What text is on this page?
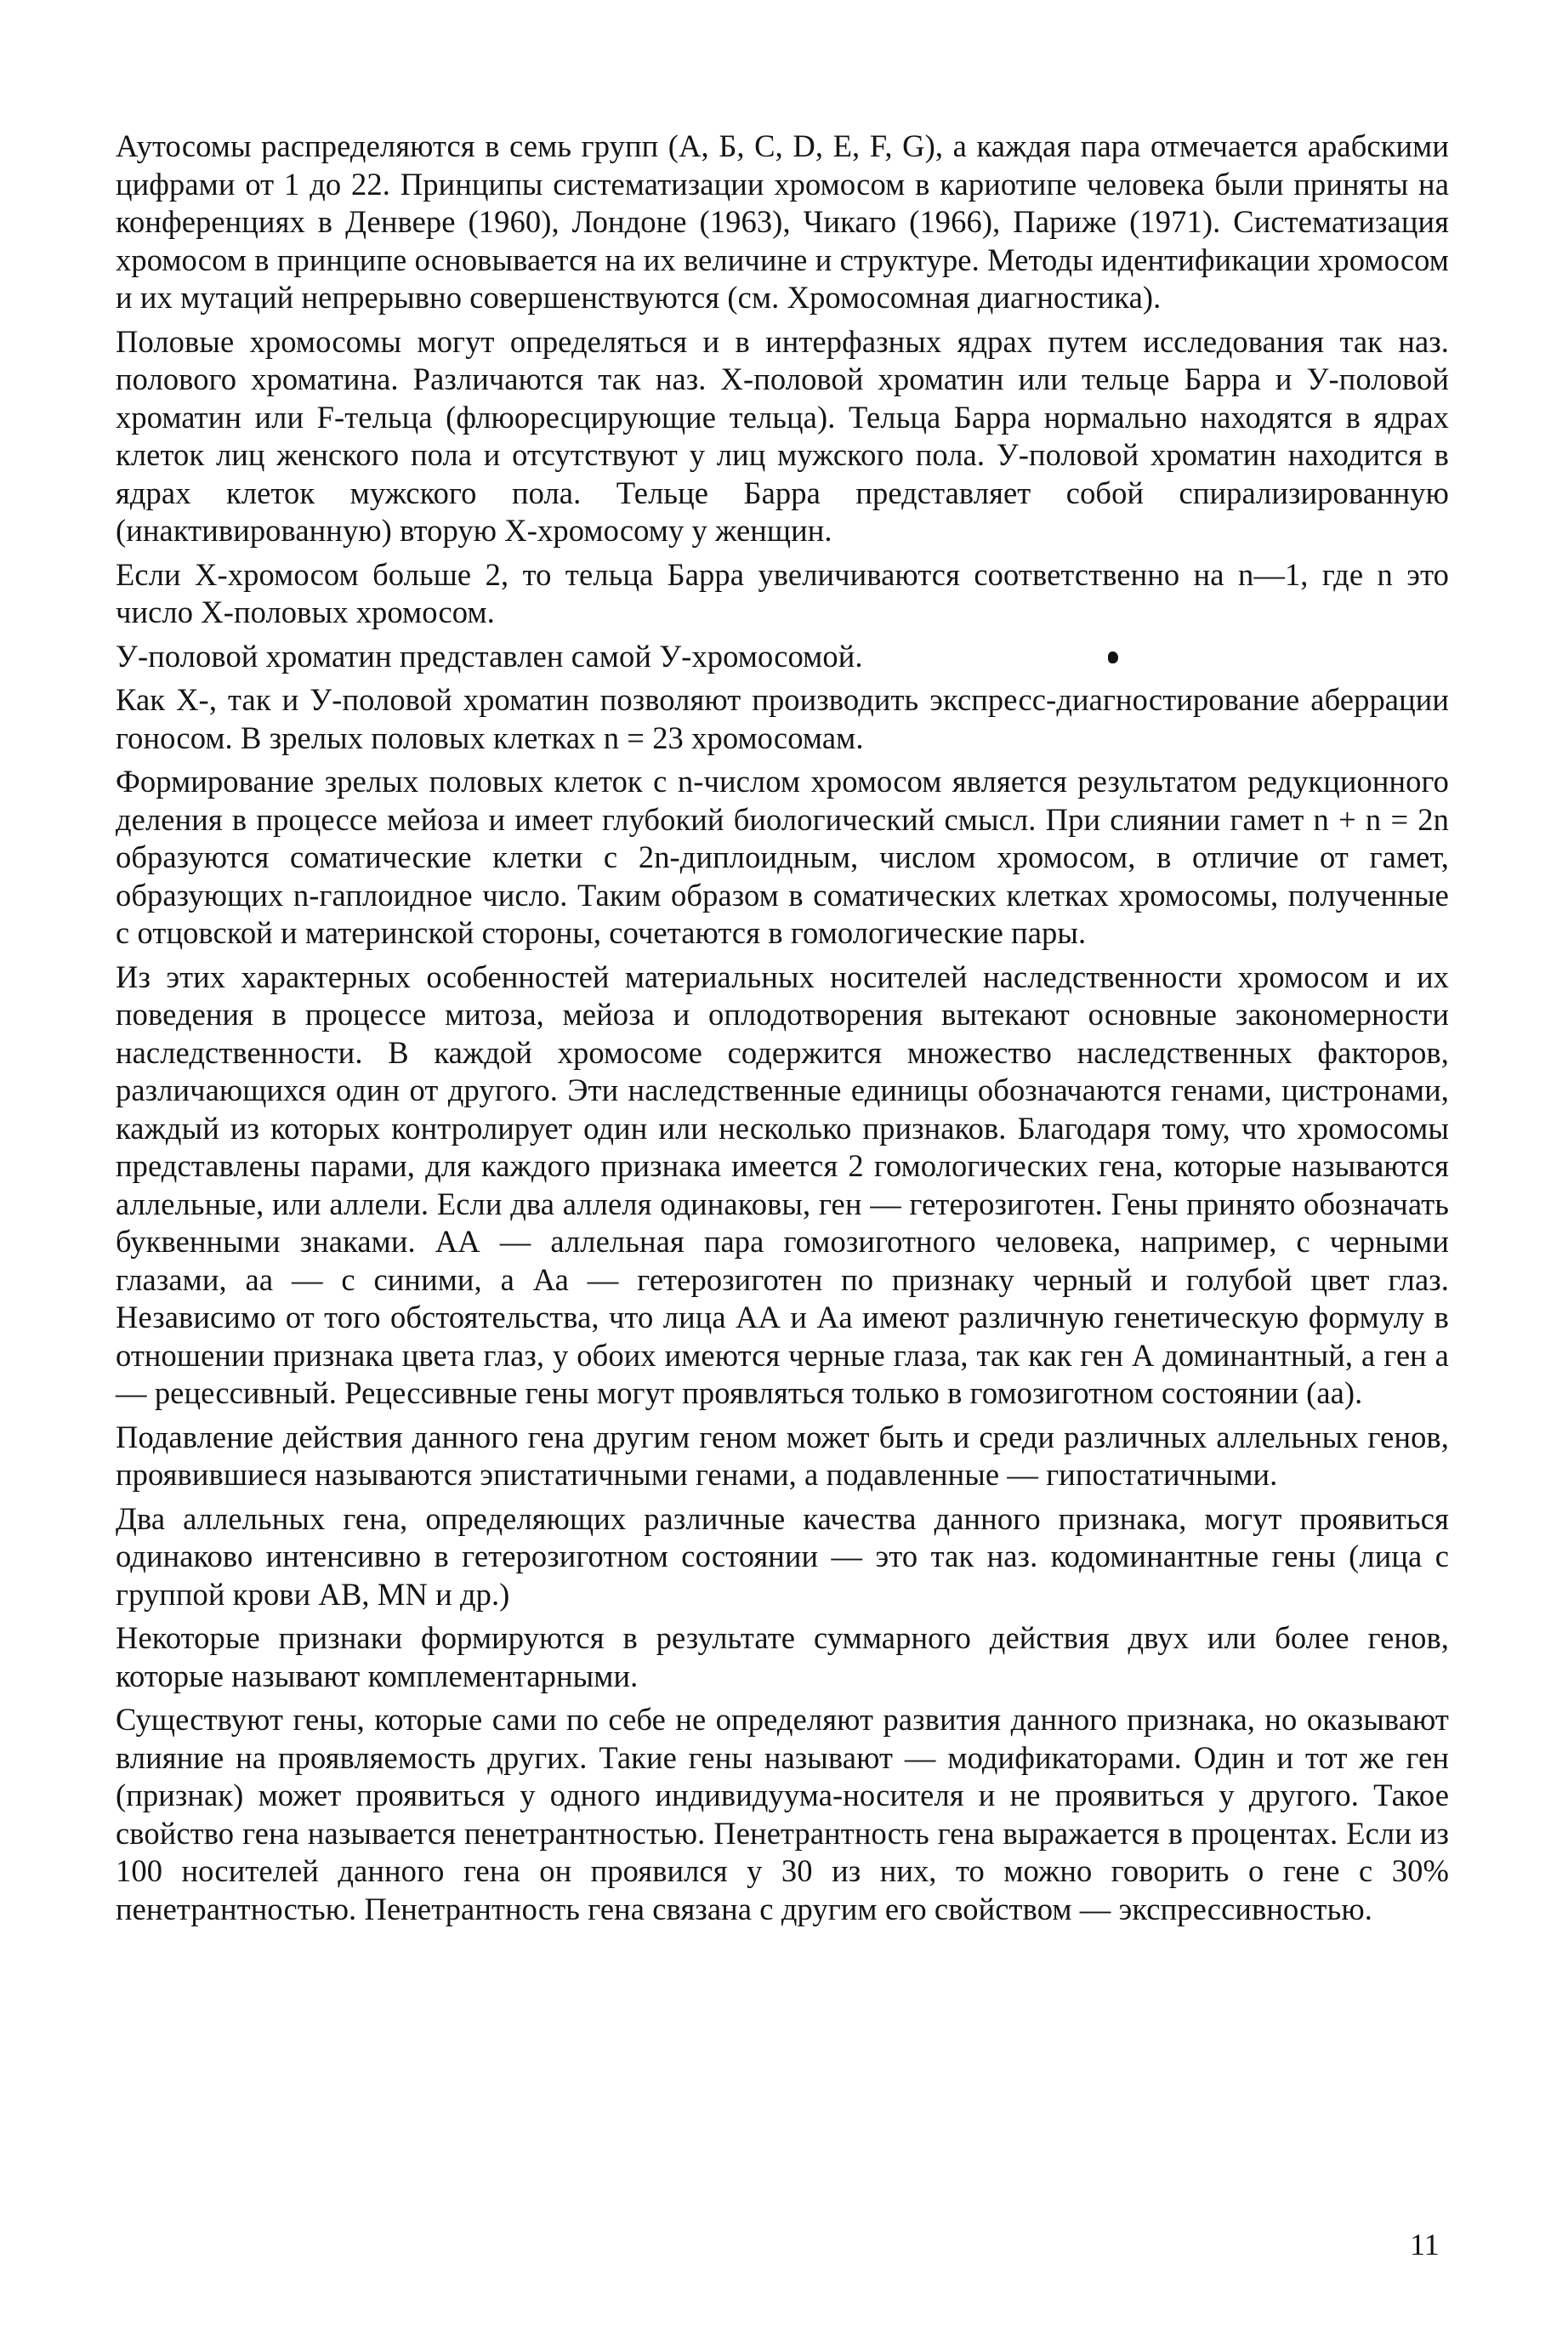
Аутосомы распределяются в семь групп (А, Б, С, D, E, F, G), а каждая пара отмечается арабскими цифрами от 1 до 22. Принципы систематизации хромосом в кариотипе человека были приняты на конференциях в Денвере (1960), Лондоне (1963), Чикаго (1966), Париже (1971). Систематизация хромосом в принципе основывается на их величине и структуре. Методы идентификации хромосом и их мутаций непрерывно совершенствуются (см. Хромосомная диагностика).

Половые хромосомы могут определяться и в интерфазных ядрах путем исследования так наз. полового хроматина. Различаются так наз. Х-половой хроматин или тельце Барра и У-половой хроматин или F-тельца (флюоресцирующие тельца). Тельца Барра нормально находятся в ядрах клеток лиц женского пола и отсутствуют у лиц мужского пола. У-половой хроматин находится в ядрах клеток мужского пола. Тельце Барра представляет собой спирализированную (инактивированную) вторую Х-хромосому у женщин.

Если Х-хромосом больше 2, то тельца Барра увеличиваются соответственно на n—1, где n это число Х-половых хромосом.

У-половой хроматин представлен самой У-хромосомой.

Как Х-, так и У-половой хроматин позволяют производить экспресс-диагностирование аберрации гоносом. В зрелых половых клетках n = 23 хромосомам.

Формирование зрелых половых клеток с n-числом хромосом является результатом редукционного деления в процессе мейоза и имеет глубокий биологический смысл. При слиянии гамет n + n = 2n образуются соматические клетки с 2n-диплоидным, числом хромосом, в отличие от гамет, образующих n-гаплоидное число. Таким образом в соматических клетках хромосомы, полученные с отцовской и материнской стороны, сочетаются в гомологические пары.

Из этих характерных особенностей материальных носителей наследственности хромосом и их поведения в процессе митоза, мейоза и оплодотворения вытекают основные закономерности наследственности. В каждой хромосоме содержится множество наследственных факторов, различающихся один от другого. Эти наследственные единицы обозначаются генами, цистронами, каждый из которых контролирует один или несколько признаков. Благодаря тому, что хромосомы представлены парами, для каждого признака имеется 2 гомологических гена, которые называются аллельные, или аллели. Если два аллеля одинаковы, ген — гетерозиготен. Гены принято обозначать буквенными знаками. АА — аллельная пара гомозиготного человека, например, с черными глазами, аа — с синими, а Аа — гетерозиготен по признаку черный и голубой цвет глаз. Независимо от того обстоятельства, что лица АА и Аа имеют различную генетическую формулу в отношении признака цвета глаз, у обоих имеются черные глаза, так как ген А доминантный, а ген а — рецессивный. Рецессивные гены могут проявляться только в гомозиготном состоянии (аа).

Подавление действия данного гена другим геном может быть и среди различных аллельных генов, проявившиеся называются эпистатичными генами, а подавленные — гипостатичными.

Два аллельных гена, определяющих различные качества данного признака, могут проявиться одинаково интенсивно в гетерозиготном состоянии — это так наз. кодоминантные гены (лица с группой крови АВ, MN и др.)

Некоторые признаки формируются в результате суммарного действия двух или более генов, которые называют комплементарными.

Существуют гены, которые сами по себе не определяют развития данного признака, но оказывают влияние на проявляемость других. Такие гены называют — модификаторами. Один и тот же ген (признак) может проявиться у одного индивидуума-носителя и не проявиться у другого. Такое свойство гена называется пенетрантностью. Пенетрантность гена выражается в процентах. Если из 100 носителей данного гена он проявился у 30 из них, то можно говорить о гене с 30% пенетрантностью. Пенетрантность гена связана с другим его свойством — экспрессивностью.

11
